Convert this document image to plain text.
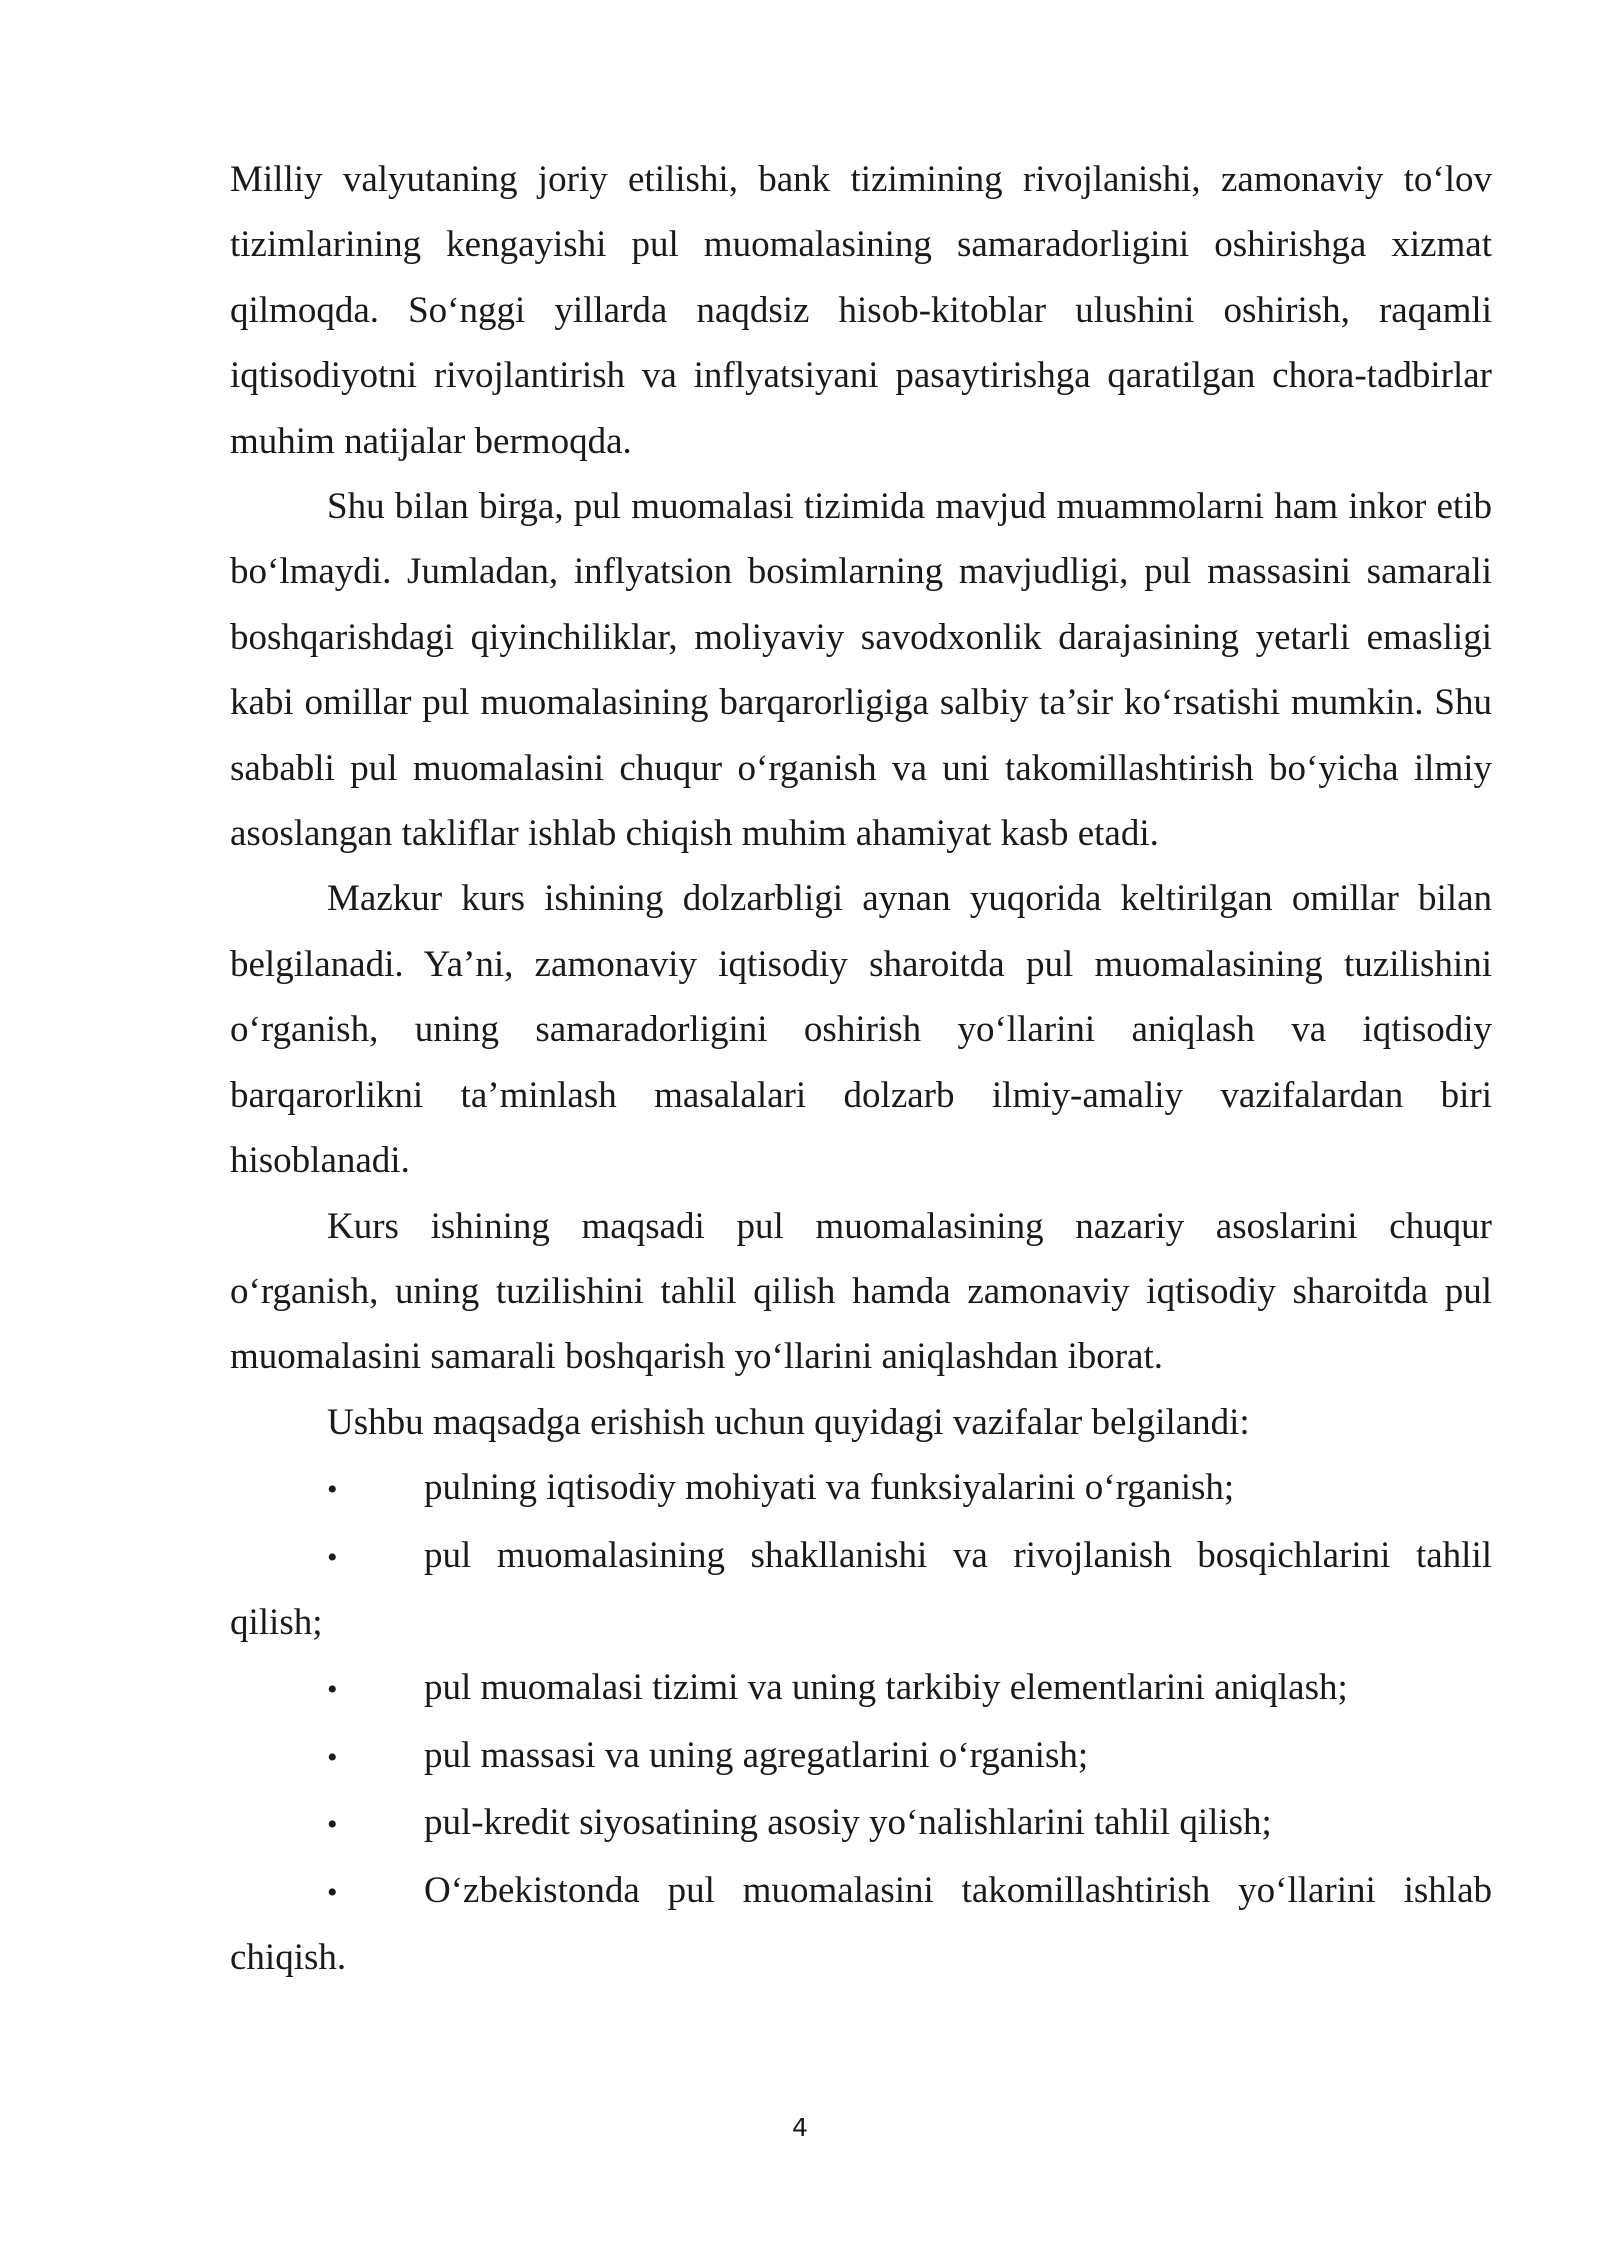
Milliy valyutaning joriy etilishi, bank tizimining rivojlanishi, zamonaviy to‘lov tizimlarining kengayishi pul muomalasining samaradorligini oshirishga xizmat qilmoqda. So‘nggi yillarda naqdsiz hisob-kitoblar ulushini oshirish, raqamli iqtisodiyotni rivojlantirish va inflyatsiyani pasaytirishga qaratilgan chora-tadbirlar muhim natijalar bermoqda.

Shu bilan birga, pul muomalasi tizimida mavjud muammolarni ham inkor etib bo‘lmaydi. Jumladan, inflyatsion bosimlarning mavjudligi, pul massasini samarali boshqarishdagi qiyinchiliklar, moliyaviy savodxonlik darajasining yetarli emasligi kabi omillar pul muomalasining barqarorligiga salbiy ta’sir ko‘rsatishi mumkin. Shu sababli pul muomalasini chuqur o‘rganish va uni takomillashtirish bo‘yicha ilmiy asoslangan takliflar ishlab chiqish muhim ahamiyat kasb etadi.

Mazkur kurs ishining dolzarbligi aynan yuqorida keltirilgan omillar bilan belgilanadi. Ya’ni, zamonaviy iqtisodiy sharoitda pul muomalasining tuzilishini o‘rganish, uning samaradorligini oshirish yo‘llarini aniqlash va iqtisodiy barqarorlikni ta’minlash masalalari dolzarb ilmiy-amaliy vazifalardan biri hisoblanadi.

Kurs ishining maqsadi pul muomalasining nazariy asoslarini chuqur o‘rganish, uning tuzilishini tahlil qilish hamda zamonaviy iqtisodiy sharoitda pul muomalasini samarali boshqarish yo‘llarini aniqlashdan iborat.

Ushbu maqsadga erishish uchun quyidagi vazifalar belgilandi:

• pulning iqtisodiy mohiyati va funksiyalarini o‘rganish;

• pul muomalasining shakllanishi va rivojlanish bosqichlarini tahlil qilish;

• pul muomalasi tizimi va uning tarkibiy elementlarini aniqlash;

• pul massasi va uning agregatlarini o‘rganish;

• pul-kredit siyosatining asosiy yo‘nalishlarini tahlil qilish;

• O‘zbekistonda pul muomalasini takomillashtirish yo‘llarini ishlab chiqish.

4
